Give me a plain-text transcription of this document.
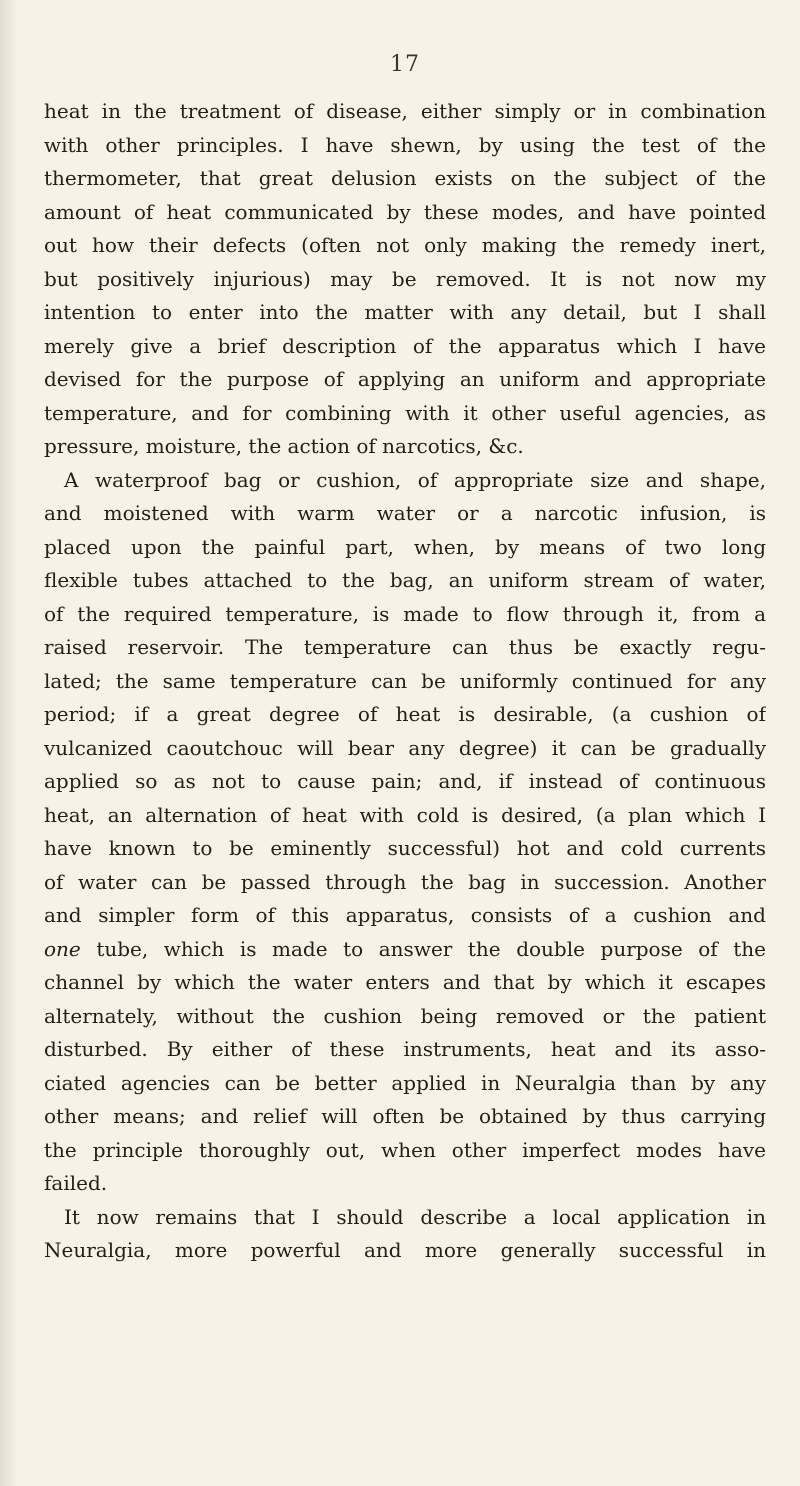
17
heat in the treatment of disease, either simply or in combination
with other principles. I have shewn, by using the test of the
thermometer, that great delusion exists on the subject of the
amount of heat communicated by these modes, and have pointed
out how their defects (often not only making the remedy inert,
but positively injurious) may be removed. It is not now my
intention to enter into the matter with any detail, but I shall
merely give a brief description of the apparatus which I have
devised for the purpose of applying an uniform and appropriate
temperature, and for combining with it other useful agencies, as
pressure, moisture, the action of narcotics, &c.
A waterproof bag or cushion, of appropriate size and shape,
and moistened with warm water or a narcotic infusion, is
placed upon the painful part, when, by means of two long
flexible tubes attached to the bag, an uniform stream of water,
of the required temperature, is made to flow through it, from a
raised reservoir. The temperature can thus be exactly regu-
lated; the same temperature can be uniformly continued for any
period; if a great degree of heat is desirable, (a cushion of
vulcanized caoutchouc will bear any degree) it can be gradually
applied so as not to cause pain; and, if instead of continuous
heat, an alternation of heat with cold is desired, (a plan which I
have known to be eminently successful) hot and cold currents
of water can be passed through the bag in succession. Another
and simpler form of this apparatus, consists of a cushion and
one tube, which is made to answer the double purpose of the
channel by which the water enters and that by which it escapes
alternately, without the cushion being removed or the patient
disturbed. By either of these instruments, heat and its asso-
ciated agencies can be better applied in Neuralgia than by any
other means; and relief will often be obtained by thus carrying
the principle thoroughly out, when other imperfect modes have
failed.
It now remains that I should describe a local application in
Neuralgia, more powerful and more generally successful in
